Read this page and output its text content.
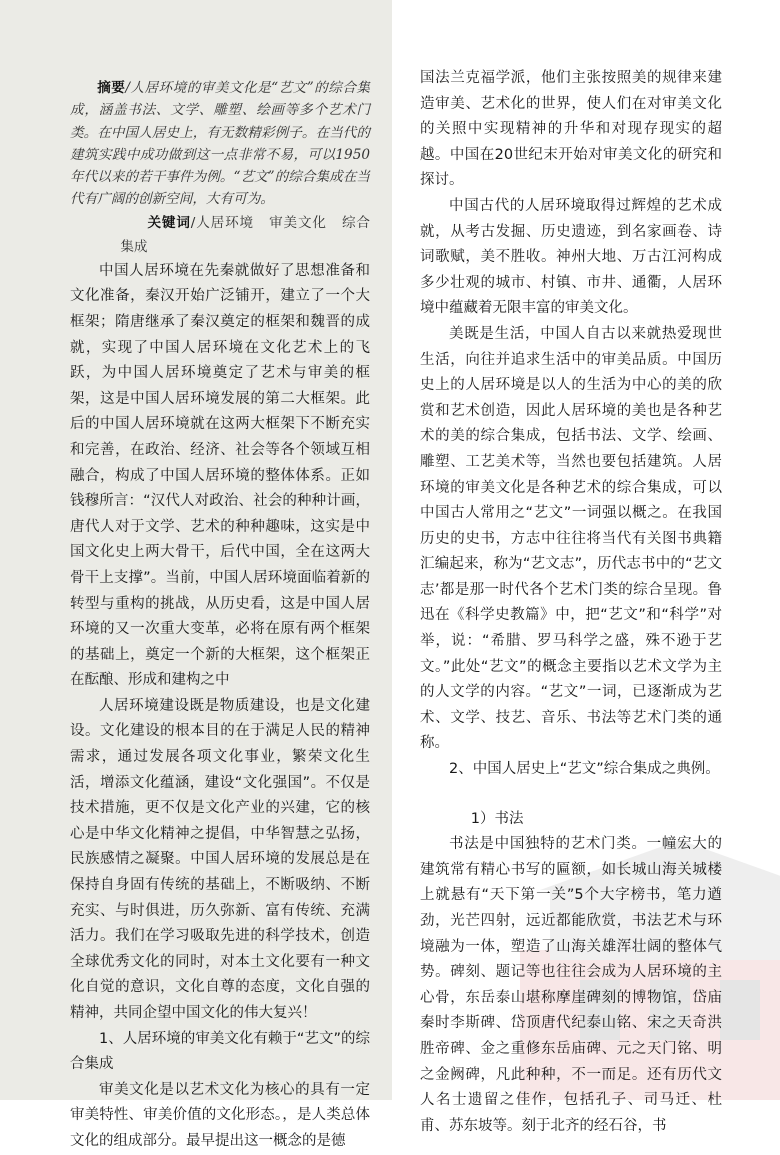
摘要/人居环境的审美文化是“艺文”的综合集成，涵盖书法、文学、雕塑、绘画等多个艺术门类。在中国人居史上，有无数精彩例子。在当代的建筑实践中成功做到这一点非常不易，可以1950年代以来的若干事件为例。“艺文”的综合集成在当代有广阔的创新空间，大有可为。

关键词/人居环境 审美文化 综合集成

中国人居环境在先秦就做好了思想准备和文化准备，秦汉开始广泛铺开，建立了一个大框架；隋唐继承了秦汉奠定的框架和魏晋的成就，实现了中国人居环境在文化艺术上的飞跃，为中国人居环境奠定了艺术与审美的框架，这是中国人居环境发展的第二大框架。此后的中国人居环境就在这两大框架下不断充实和完善，在政治、经济、社会等各个领域互相融合，构成了中国人居环境的整体体系。正如钱穆所言：“汉代人对政治、社会的种种计画，唐代人对于文学、艺术的种种趣味，这实是中国文化史上两大骨干，后代中国，全在这两大骨干上支撑”。当前，中国人居环境面临着新的转型与重构的挑战，从历史看，这是中国人居环境的又一次重大变革，必将在原有两个框架的基础上，奠定一个新的大框架，这个框架正在酝酿、形成和建构之中

人居环境建设既是物质建设，也是文化建设。文化建设的根本目的在于满足人民的精神需求，通过发展各项文化事业，繁荣文化生活，增添文化蕴涵，建设“文化强国”。不仅是技术措施，更不仅是文化产业的兴建，它的核心是中华文化精神之提倡，中华智慧之弘扬，民族感情之凝聚。中国人居环境的发展总是在保持自身固有传统的基础上，不断吸纳、不断充实、与时俱进，历久弥新、富有传统、充满活力。我们在学习吸取先进的科学技术，创造全球优秀文化的同时，对本土文化要有一种文化自觉的意识，文化自尊的态度，文化自强的精神，共同企望中国文化的伟大复兴！

1、人居环境的审美文化有赖于“艺文”的综合集成

审美文化是以艺术文化为核心的具有一定审美特性、审美价值的文化形态。，是人类总体文化的组成部分。最早提出这一概念的是德

国法兰克福学派，他们主张按照美的规律来建造审美、艺术化的世界，使人们在对审美文化的关照中实现精神的升华和对现存现实的超越。中国在20世纪末开始对审美文化的研究和探讨。

中国古代的人居环境取得过辉煌的艺术成就，从考古发掘、历史遗迹，到名家画卷、诗词歌赋，美不胜收。神州大地、万古江河构成多少壮观的城市、村镇、市井、通衢，人居环境中蕴藏着无限丰富的审美文化。

美既是生活，中国人自古以来就热爱现世生活，向往并追求生活中的审美品质。中国历史上的人居环境是以人的生活为中心的美的欣赏和艺术创造，因此人居环境的美也是各种艺术的美的综合集成，包括书法、文学、绘画、雕塑、工艺美术等，当然也要包括建筑。人居环境的审美文化是各种艺术的综合集成，可以中国古人常用之“艺文”一词强以概之。在我国历史的史书，方志中往往将当代有关图书典籍汇编起来，称为“艺文志”，历代志书中的“艺文志’都是那一时代各个艺术门类的综合呈现。鲁迅在《科学史教篇》中，把“艺文”和“科学”对举，说：“希腊、罗马科学之盛，殊不逊于艺文。”此处“艺文”的概念主要指以艺术文学为主的人文学的内容。“艺文”一词，已逐渐成为艺术、文学、技艺、音乐、书法等艺术门类的通称。

2、中国人居史上“艺文”综合集成之典例。

1）书法

书法是中国独特的艺术门类。一幢宏大的建筑常有精心书写的匾额，如长城山海关城楼上就悬有“天下第一关”5个大字榜书，笔力遒劲，光芒四射，远近都能欣赏，书法艺术与环境融为一体，塑造了山海关雄浑壮阔的整体气势。碑刻、题记等也往往会成为人居环境的主心骨，东岳泰山堪称摩崖碑刻的博物馆，岱庙秦时李斯碑、岱顶唐代纪泰山铭、宋之天奇洪胜帝碑、金之重修东岳庙碑、元之天门铭、明之金阙碑，凡此种种，不一而足。还有历代文人名士遗留之佳作，包括孔子、司马迁、杜甫、苏东坡等。刻于北齐的经石谷，书
